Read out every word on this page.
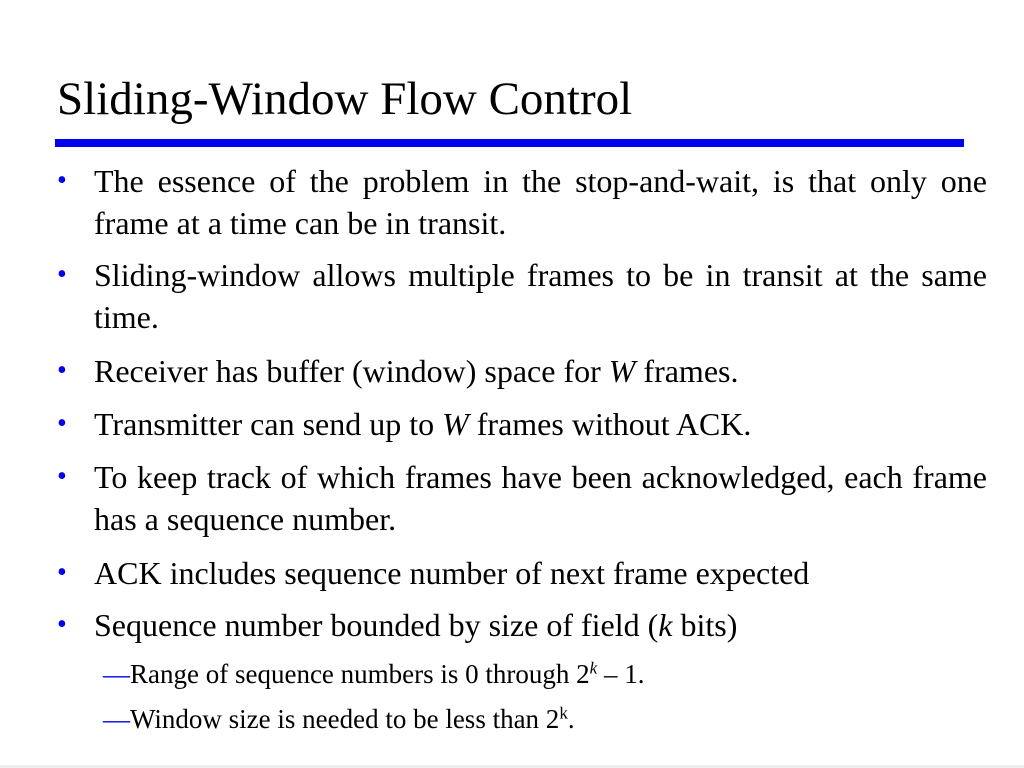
Sliding-Window Flow Control
• The essence of the problem in the stop-and-wait, is that only one frame at a time can be in transit.
• Sliding-window allows multiple frames to be in transit at the same time.
• Receiver has buffer (window) space for W frames.
• Transmitter can send up to W frames without ACK.
• To keep track of which frames have been acknowledged, each frame has a sequence number.
• ACK includes sequence number of next frame expected
• Sequence number bounded by size of field (k bits)
—Range of sequence numbers is 0 through 2$^k$ – 1.
—Window size is needed to be less than 2$^k$.
